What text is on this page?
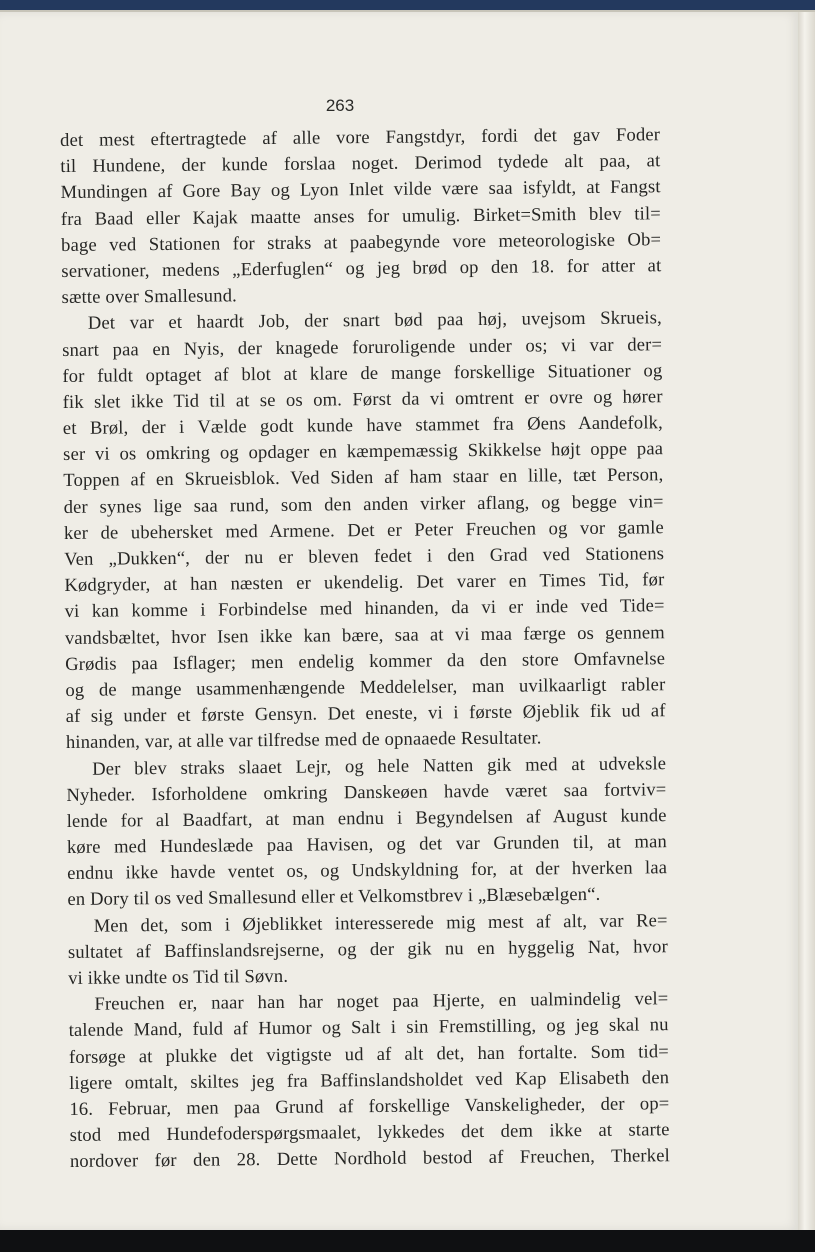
263
det mest eftertragtede af alle vore Fangstdyr, fordi det gav Foder
til Hundene, der kunde forslaa noget. Derimod tydede alt paa, at
Mundingen af Gore Bay og Lyon Inlet vilde være saa isfyldt, at Fangst
fra Baad eller Kajak maatte anses for umulig. Birket=Smith blev til=
bage ved Stationen for straks at paabegynde vore meteorologiske Ob=
servationer, medens „Ederfuglen“ og jeg brød op den 18. for atter at
sætte over Smallesund.
Det var et haardt Job, der snart bød paa høj, uvejsom Skrueis,
snart paa en Nyis, der knagede foruroligende under os; vi var der=
for fuldt optaget af blot at klare de mange forskellige Situationer og
fik slet ikke Tid til at se os om. Først da vi omtrent er ovre og hører
et Brøl, der i Vælde godt kunde have stammet fra Øens Aandefolk,
ser vi os omkring og opdager en kæmpemæssig Skikkelse højt oppe paa
Toppen af en Skrueisblok. Ved Siden af ham staar en lille, tæt Person,
der synes lige saa rund, som den anden virker aflang, og begge vin=
ker de ubehersket med Armene. Det er Peter Freuchen og vor gamle
Ven „Dukken“, der nu er bleven fedet i den Grad ved Stationens
Kødgryder, at han næsten er ukendelig. Det varer en Times Tid, før
vi kan komme i Forbindelse med hinanden, da vi er inde ved Tide=
vandsbæltet, hvor Isen ikke kan bære, saa at vi maa færge os gennem
Grødis paa Isflager; men endelig kommer da den store Omfavnelse
og de mange usammenhængende Meddelelser, man uvilkaarligt rabler
af sig under et første Gensyn. Det eneste, vi i første Øjeblik fik ud af
hinanden, var, at alle var tilfredse med de opnaaede Resultater.
Der blev straks slaaet Lejr, og hele Natten gik med at udveksle
Nyheder. Isforholdene omkring Danskeøen havde været saa fortviv=
lende for al Baadfart, at man endnu i Begyndelsen af August kunde
køre med Hundeslæde paa Havisen, og det var Grunden til, at man
endnu ikke havde ventet os, og Undskyldning for, at der hverken laa
en Dory til os ved Smallesund eller et Velkomstbrev i „Blæsebælgen“.
Men det, som i Øjeblikket interesserede mig mest af alt, var Re=
sultatet af Baffinslandsrejserne, og der gik nu en hyggelig Nat, hvor
vi ikke undte os Tid til Søvn.
Freuchen er, naar han har noget paa Hjerte, en ualmindelig vel=
talende Mand, fuld af Humor og Salt i sin Fremstilling, og jeg skal nu
forsøge at plukke det vigtigste ud af alt det, han fortalte. Som tid=
ligere omtalt, skiltes jeg fra Baffinslandsholdet ved Kap Elisabeth den
16. Februar, men paa Grund af forskellige Vanskeligheder, der op=
stod med Hundefoderspørgsmaalet, lykkedes det dem ikke at starte
nordover før den 28. Dette Nordhold bestod af Freuchen, Therkel
